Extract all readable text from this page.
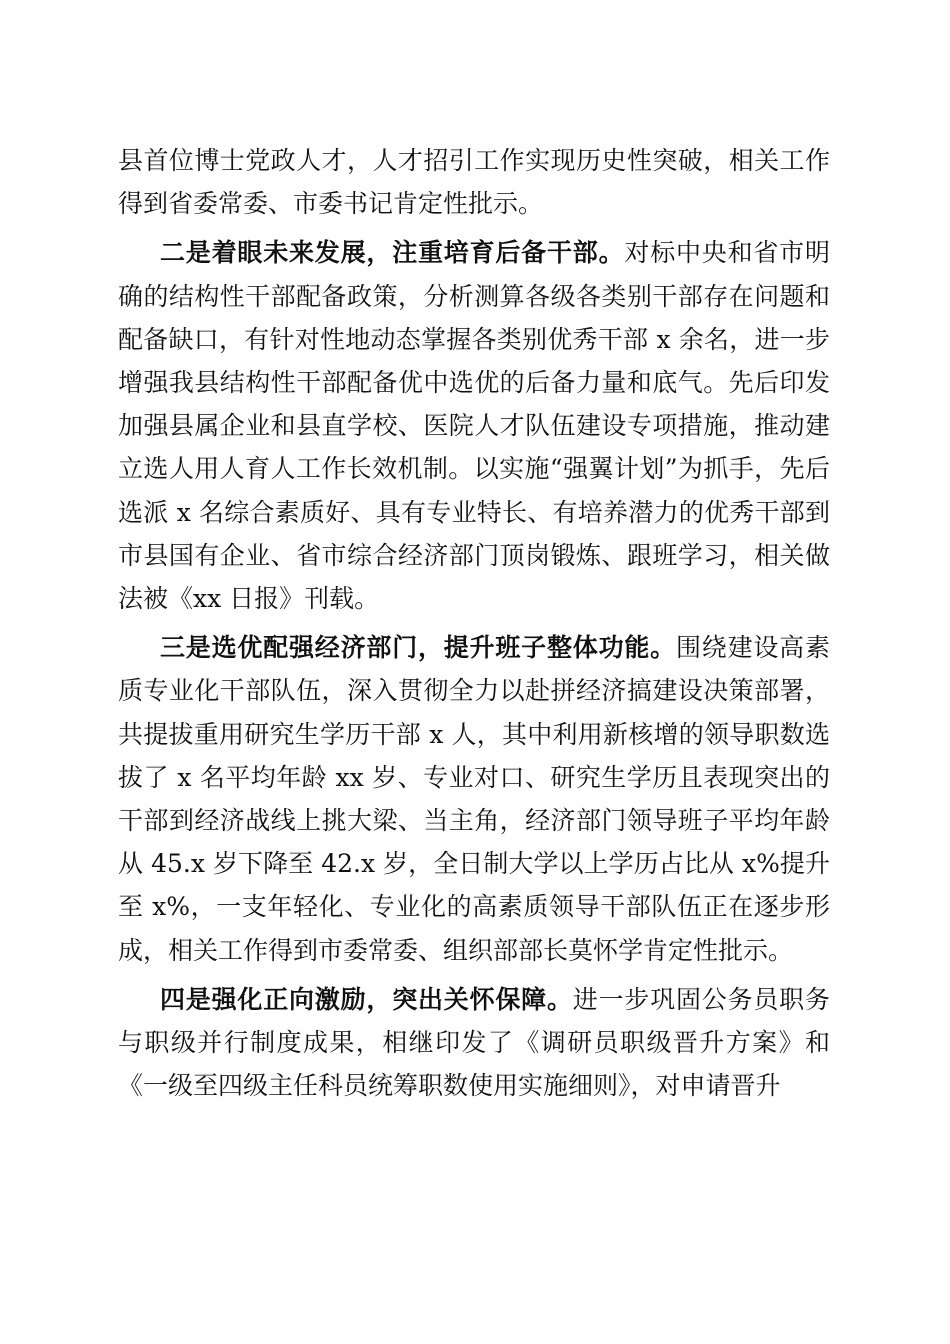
县首位博士党政人才，人才招引工作实现历史性突破，相关工作得到省委常委、市委书记肯定性批示。

二是着眼未来发展，注重培育后备干部。对标中央和省市明确的结构性干部配备政策，分析测算各级各类别干部存在问题和配备缺口，有针对性地动态掌握各类别优秀干部 x 余名，进一步增强我县结构性干部配备优中选优的后备力量和底气。先后印发加强县属企业和县直学校、医院人才队伍建设专项措施，推动建立选人用人育人工作长效机制。以实施“强翼计划”为抓手，先后选派 x 名综合素质好、具有专业特长、有培养潜力的优秀干部到市县国有企业、省市综合经济部门顶岗锻炼、跟班学习，相关做法被《xx 日报》刊载。

三是选优配强经济部门，提升班子整体功能。围绕建设高素质专业化干部队伍，深入贯彻全力以赴拼经济搞建设决策部署，共提拔重用研究生学历干部 x 人，其中利用新核增的领导职数选拔了 x 名平均年龄 xx 岁、专业对口、研究生学历且表现突出的干部到经济战线上挑大梁、当主角，经济部门领导班子平均年龄从 45.x 岁下降至 42.x 岁，全日制大学以上学历占比从 x%提升至 x%，一支年轻化、专业化的高素质领导干部队伍正在逐步形成，相关工作得到市委常委、组织部部长莫怀学肯定性批示。

四是强化正向激励，突出关怀保障。进一步巩固公务员职务与职级并行制度成果，相继印发了《调研员职级晋升方案》和《一级至四级主任科员统筹职数使用实施细则》，对申请晋升
